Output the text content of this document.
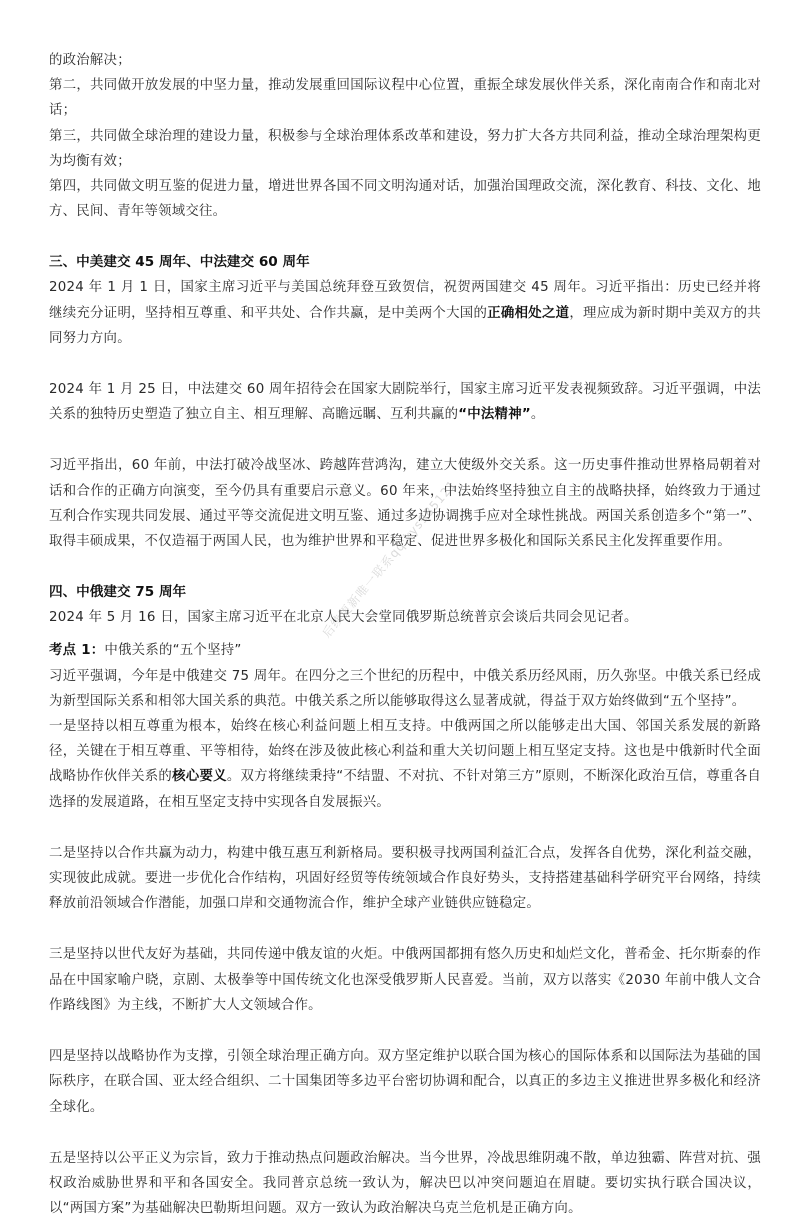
的政治解决；

第二，共同做开放发展的中坚力量，推动发展重回国际议程中心位置，重振全球发展伙伴关系，深化南南合作和南北对话；

第三，共同做全球治理的建设力量，积极参与全球治理体系改革和建设，努力扩大各方共同利益，推动全球治理架构更为均衡有效；

第四，共同做文明互鉴的促进力量，增进世界各国不同文明沟通对话，加强治国理政交流，深化教育、科技、文化、地方、民间、青年等领域交往。

三、中美建交 45 周年、中法建交 60 周年

2024 年 1 月 1 日，国家主席习近平与美国总统拜登互致贺信，祝贺两国建交 45 周年。习近平指出：历史已经并将继续充分证明，坚持相互尊重、和平共处、合作共赢，是中美两个大国的正确相处之道，理应成为新时期中美双方的共同努力方向。

2024 年 1 月 25 日，中法建交 60 周年招待会在国家大剧院举行，国家主席习近平发表视频致辞。习近平强调，中法关系的独特历史塑造了独立自主、相互理解、高瞻远瞩、互利共赢的“中法精神”。

习近平指出，60 年前，中法打破冷战坚冰、跨越阵营鸿沟，建立大使级外交关系。这一历史事件推动世界格局朝着对话和合作的正确方向演变，至今仍具有重要启示意义。60 年来，中法始终坚持独立自主的战略抉择，始终致力于通过互利合作实现共同发展、通过平等交流促进文明互鉴、通过多边协调携手应对全球性挑战。两国关系创造多个“第一”、取得丰硕成果，不仅造福于两国人民，也为维护世界和平稳定、促进世界多极化和国际关系民主化发挥重要作用。

四、中俄建交 75 周年

2024 年 5 月 16 日，国家主席习近平在北京人民大会堂同俄罗斯总统普京会谈后共同会见记者。

考点 1：中俄关系的“五个坚持”

习近平强调，今年是中俄建交 75 周年。在四分之三个世纪的历程中，中俄关系历经风雨，历久弥坚。中俄关系已经成为新型国际关系和相邻大国关系的典范。中俄关系之所以能够取得这么显著成就，得益于双方始终做到“五个坚持”。

一是坚持以相互尊重为根本，始终在核心利益问题上相互支持。中俄两国之所以能够走出大国、邻国关系发展的新路径，关键在于相互尊重、平等相待，始终在涉及彼此核心利益和重大关切问题上相互坚定支持。这也是中俄新时代全面战略协作伙伴关系的核心要义。双方将继续秉持“不结盟、不对抗、不针对第三方”原则，不断深化政治互信，尊重各自选择的发展道路，在相互坚定支持中实现各自发展振兴。

二是坚持以合作共赢为动力，构建中俄互惠互利新格局。要积极寻找两国利益汇合点，发挥各自优势，深化利益交融，实现彼此成就。要进一步优化合作结构，巩固好经贸等传统领域合作良好势头，支持搭建基础科学研究平台网络，持续释放前沿领域合作潜能，加强口岸和交通物流合作，维护全球产业链供应链稳定。

三是坚持以世代友好为基础，共同传递中俄友谊的火炬。中俄两国都拥有悠久历史和灿烂文化，普希金、托尔斯泰的作品在中国家喻户晓，京剧、太极拳等中国传统文化也深受俄罗斯人民喜爱。当前，双方以落实《2030 年前中俄人文合作路线图》为主线，不断扩大人文领域合作。

四是坚持以战略协作为支撑，引领全球治理正确方向。双方坚定维护以联合国为核心的国际体系和以国际法为基础的国际秩序，在联合国、亚太经合组织、二十国集团等多边平台密切协调和配合，以真正的多边主义推进世界多极化和经济全球化。

五是坚持以公平正义为宗旨，致力于推动热点问题政治解决。当今世界，冷战思维阴魂不散，单边独霸、阵营对抗、强权政治威胁世界和平和各国安全。我同普京总统一致认为，解决巴以冲突问题迫在眉睫。要切实执行联合国决议，以“两国方案”为基础解决巴勒斯坦问题。双方一致认为政治解决乌克兰危机是正确方向。

后续更新唯一联系qq:kys985121
